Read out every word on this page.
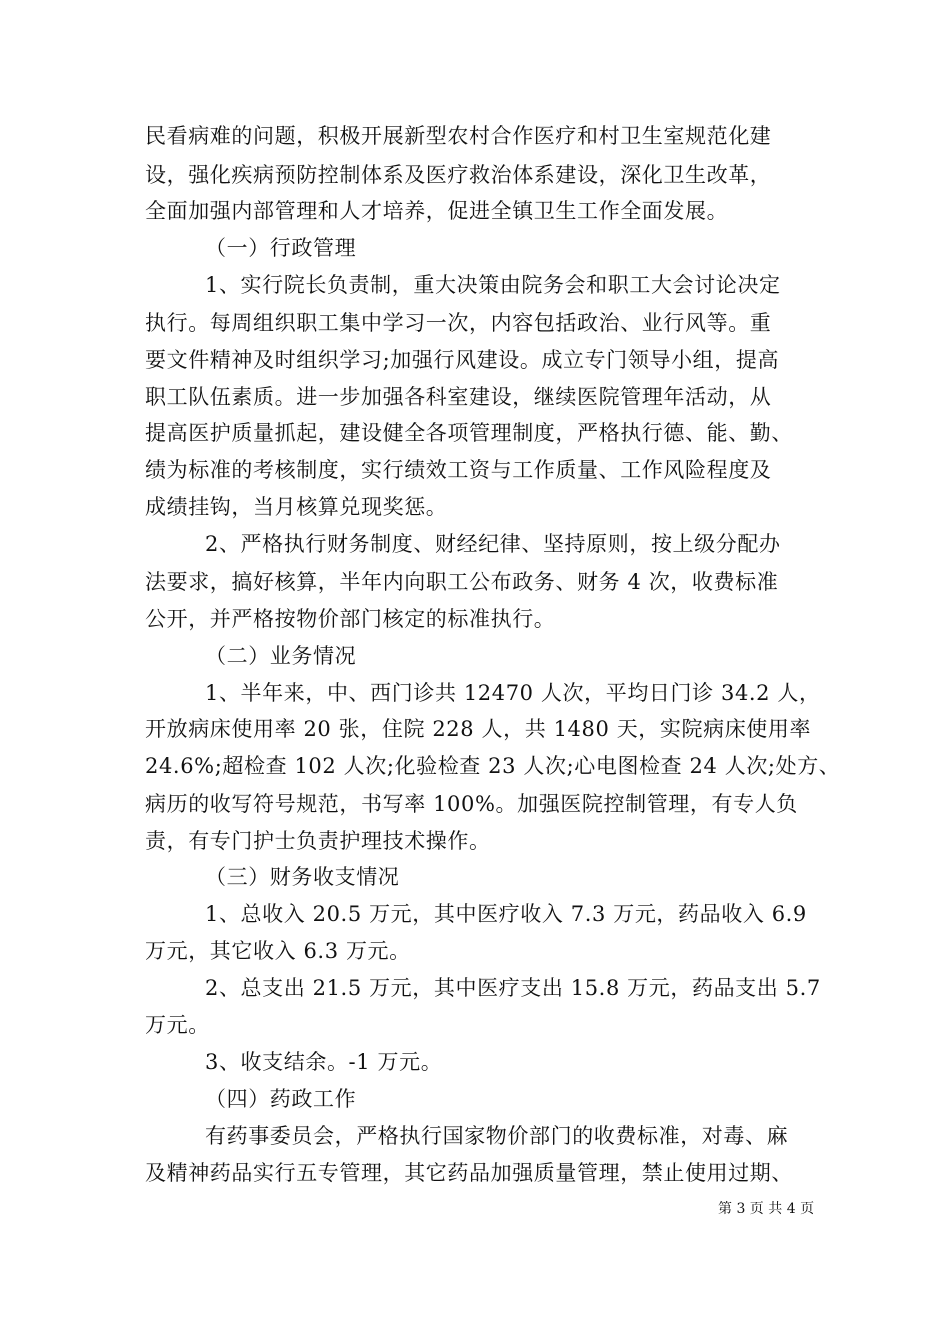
民看病难的问题，积极开展新型农村合作医疗和村卫生室规范化建
设，强化疾病预防控制体系及医疗救治体系建设，深化卫生改革，
全面加强内部管理和人才培养，促进全镇卫生工作全面发展。
（一）行政管理
1、实行院长负责制，重大决策由院务会和职工大会讨论决定
执行。每周组织职工集中学习一次，内容包括政治、业行风等。重
要文件精神及时组织学习;加强行风建设。成立专门领导小组，提高
职工队伍素质。进一步加强各科室建设，继续医院管理年活动，从
提高医护质量抓起，建设健全各项管理制度，严格执行德、能、勤、
绩为标准的考核制度，实行绩效工资与工作质量、工作风险程度及
成绩挂钩，当月核算兑现奖惩。
2、严格执行财务制度、财经纪律、坚持原则，按上级分配办
法要求，搞好核算，半年内向职工公布政务、财务 4 次，收费标准
公开，并严格按物价部门核定的标准执行。
（二）业务情况
1、半年来，中、西门诊共 12470 人次，平均日门诊 34.2 人，
开放病床使用率 20 张，住院 228 人，共 1480 天，实院病床使用率
24.6%;超检查 102 人次;化验检查 23 人次;心电图检查 24 人次;处方、
病历的收写符号规范，书写率 100%。加强医院控制管理，有专人负
责，有专门护士负责护理技术操作。
（三）财务收支情况
1、总收入 20.5 万元，其中医疗收入 7.3 万元，药品收入 6.9
万元，其它收入 6.3 万元。
2、总支出 21.5 万元，其中医疗支出 15.8 万元，药品支出 5.7
万元。
3、收支结余。-1 万元。
（四）药政工作
有药事委员会，严格执行国家物价部门的收费标准，对毒、麻
及精神药品实行五专管理，其它药品加强质量管理，禁止使用过期、
第 3 页 共 4 页
